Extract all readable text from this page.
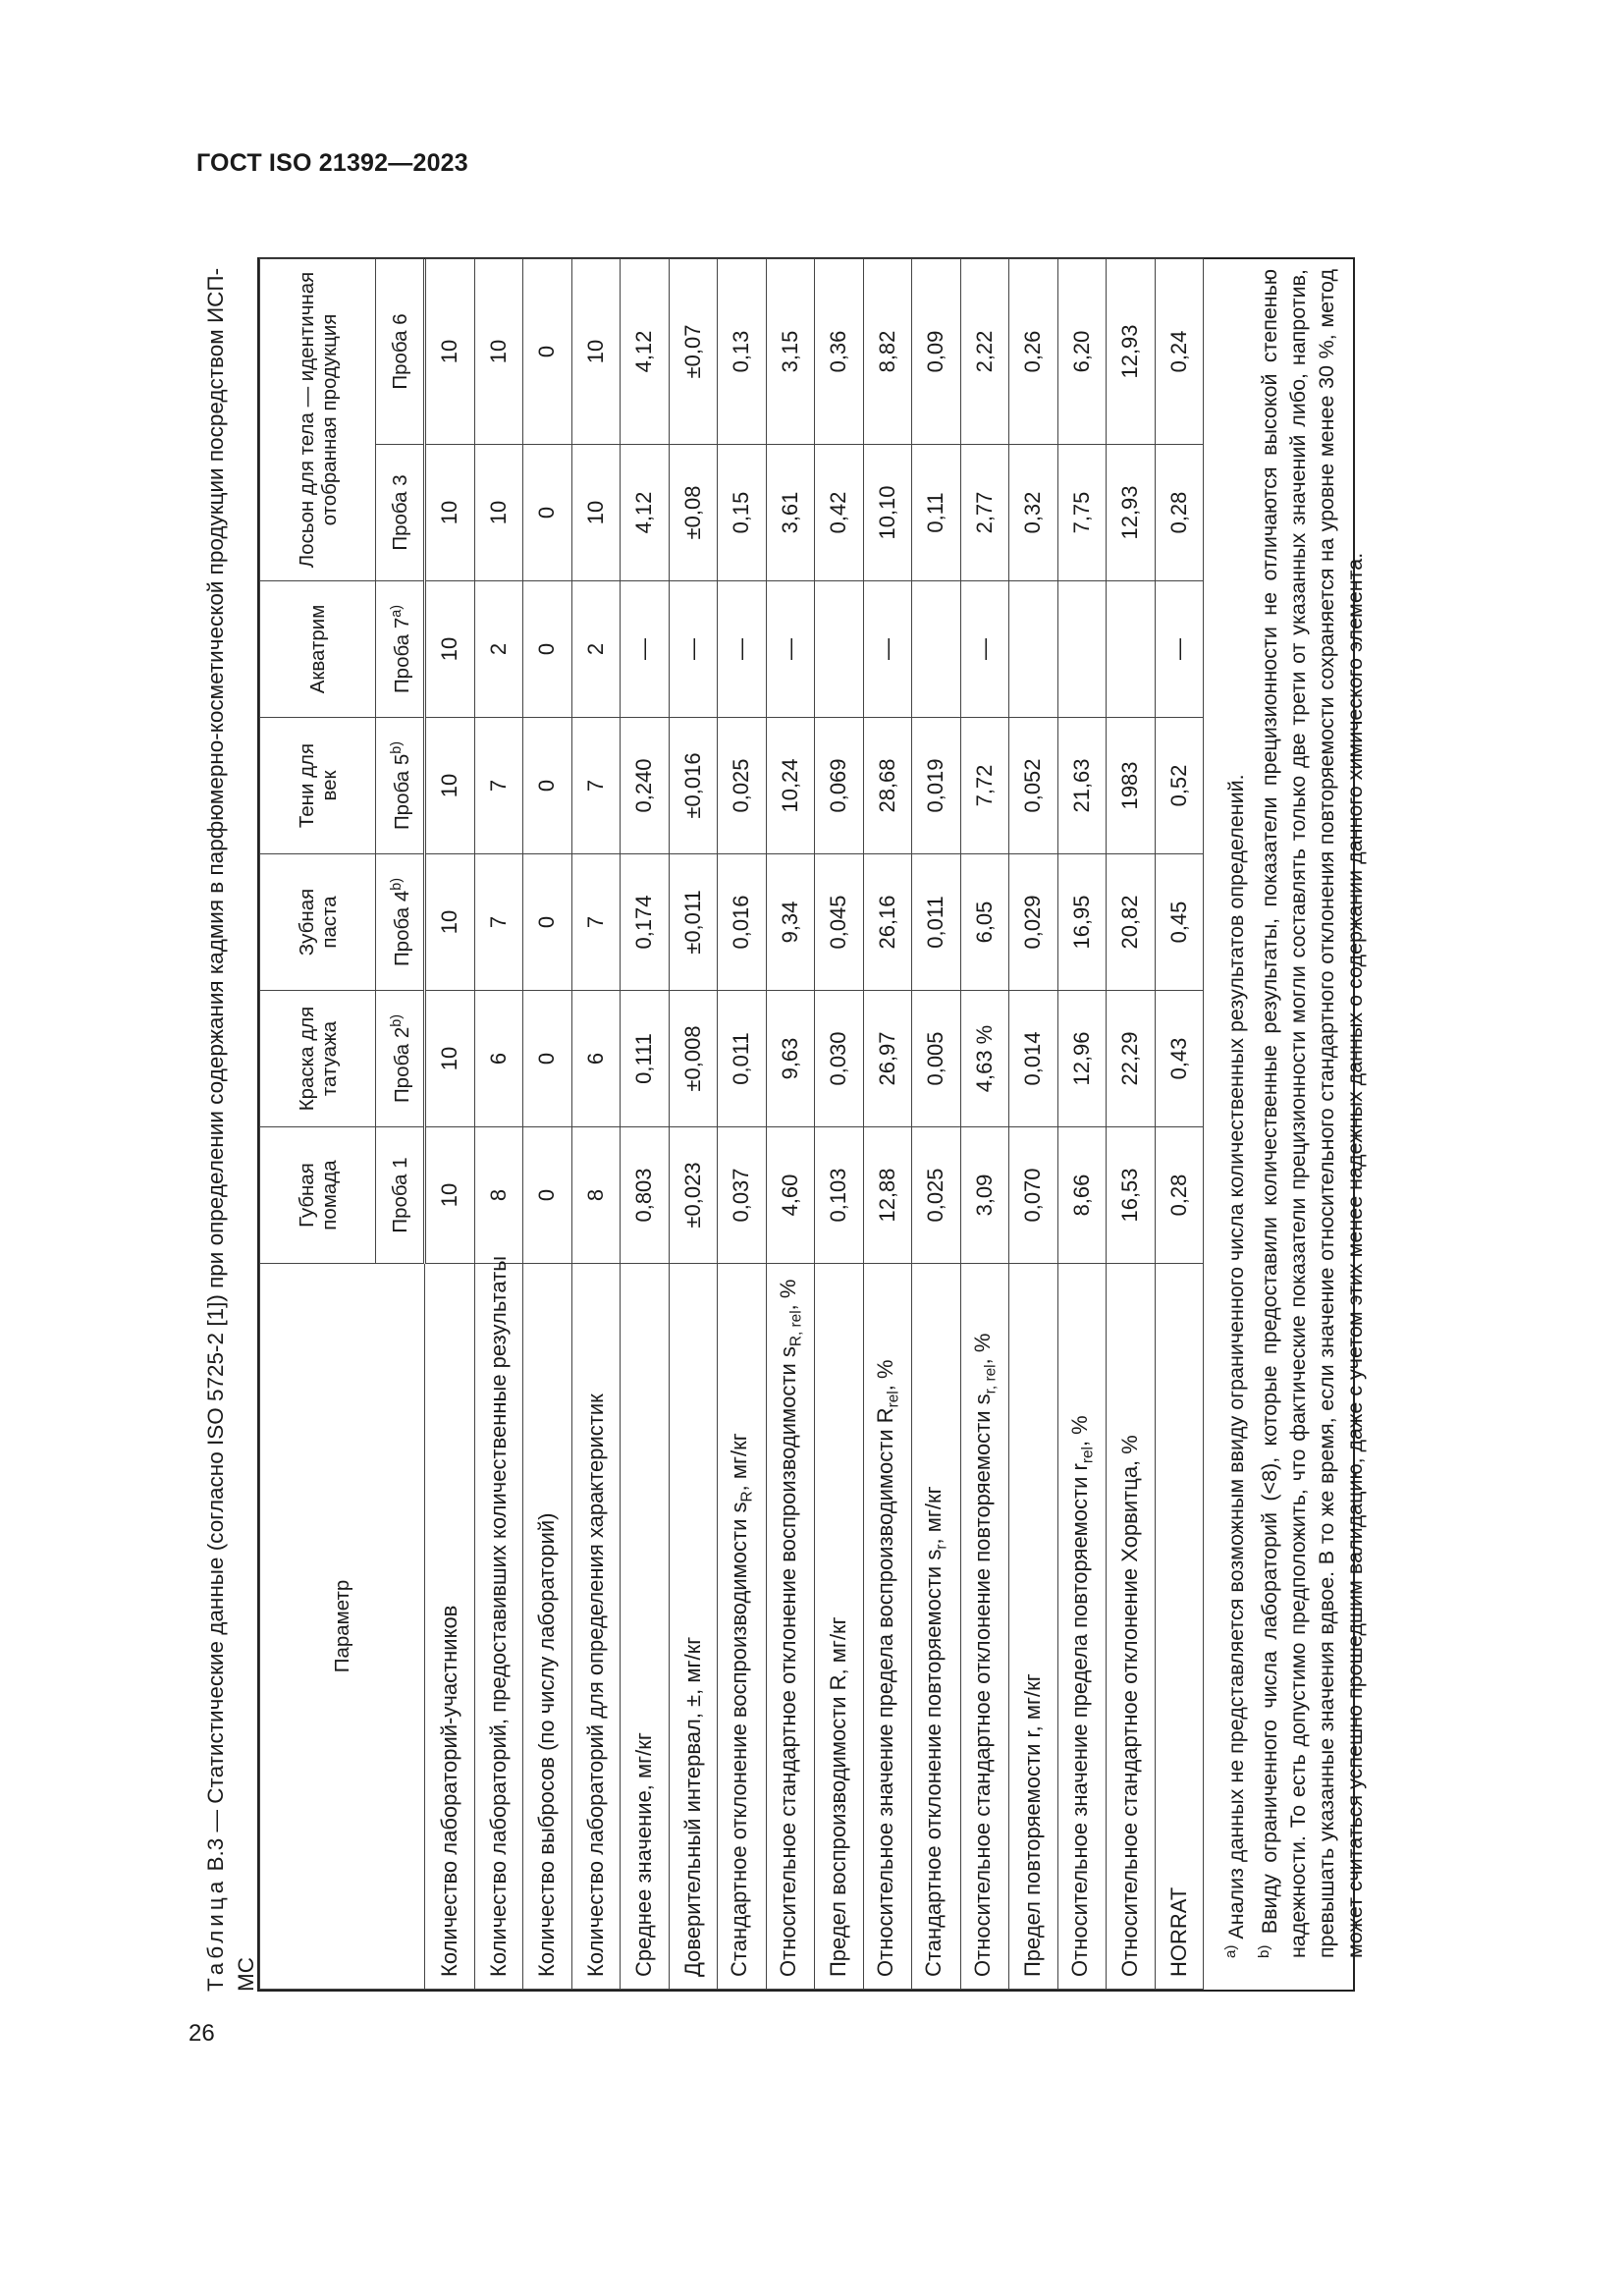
ГОСТ ISO 21392—2023
26
Таблица В.3 — Статистические данные (согласно ISO 5725-2 [1]) при определении содержания кадмия в парфюмерно-косметической продукции посредством ИСП-МС
Параметр	Губная помада	Краска для татуажа	Зубная паста	Тени для век	Акватрим	Лосьон для тела — идентичная отобранная продукция	
	Проба 1	Проба 2$^{b)}$	Проба 4$^{b)}$	Проба 5$^{b)}$	Проба 7$^{a)}$	Проба 3	Проба 6
Количество лабораторий-участников	10	10	10	10	10	10	10
Количество лабораторий, предоставивших количественные результаты	8	6	7	7	2	10	10
Количество выбросов (по числу лабораторий)	0	0	0	0	0	0	0
Количество лабораторий для определения характеристик	8	6	7	7	2	10	10
Среднее значение, мг/кг	0,803	0,111	0,174	0,240	—	4,12	4,12
Доверительный интервал, ±, мг/кг	±0,023	±0,008	±0,011	±0,016	—	±0,08	±0,07
Стандартное отклонение воспроизводимости $s_R$, мг/кг	0,037	0,011	0,016	0,025	—	0,15	0,13
Относительное стандартное отклонение воспроизводимости $s_{R, rel}$, %	4,60	9,63	9,34	10,24	—	3,61	3,15
Предел воспроизводимости R, мг/кг	0,103	0,030	0,045	0,069		0,42	0,36
Относительное значение предела воспроизводимости $R_{rel}$, %	12,88	26,97	26,16	28,68	—	10,10	8,82
Стандартное отклонение повторяемости $s_r$, мг/кг	0,025	0,005	0,011	0,019		0,11	0,09
Относительное стандартное отклонение повторяемости $s_{r, rel}$, %	3,09	4,63 %	6,05	7,72	—	2,77	2,22
Предел повторяемости r, мг/кг	0,070	0,014	0,029	0,052		0,32	0,26
Относительное значение предела повторяемости $r_{rel}$, %	8,66	12,96	16,95	21,63		7,75	6,20
Относительное стандартное отклонение Хорвитца, %	16,53	22,29	20,82	1983		12,93	12,93
HORRAT	0,28	0,43	0,45	0,52	—	0,28	0,24

$^{a)}$ Анализ данных не представляется возможным ввиду ограниченного числа количественных результатов определений.

$^{b)}$ Ввиду ограниченного числа лабораторий (<8), которые предоставили количественные результаты, показатели прецизионности не отличаются высокой степенью надежности. То есть допустимо предположить, что фактические показатели прецизионности могли составлять только две трети от указанных значений либо, напротив, превышать указанные значения вдвое. В то же время, если значение относительного стандартного отклонения повторяемости сохраняется на уровне менее 30 %, метод может считаться успешно прошедшим валидацию, даже с учетом этих менее надежных данных о содержании данного химического элемента.
